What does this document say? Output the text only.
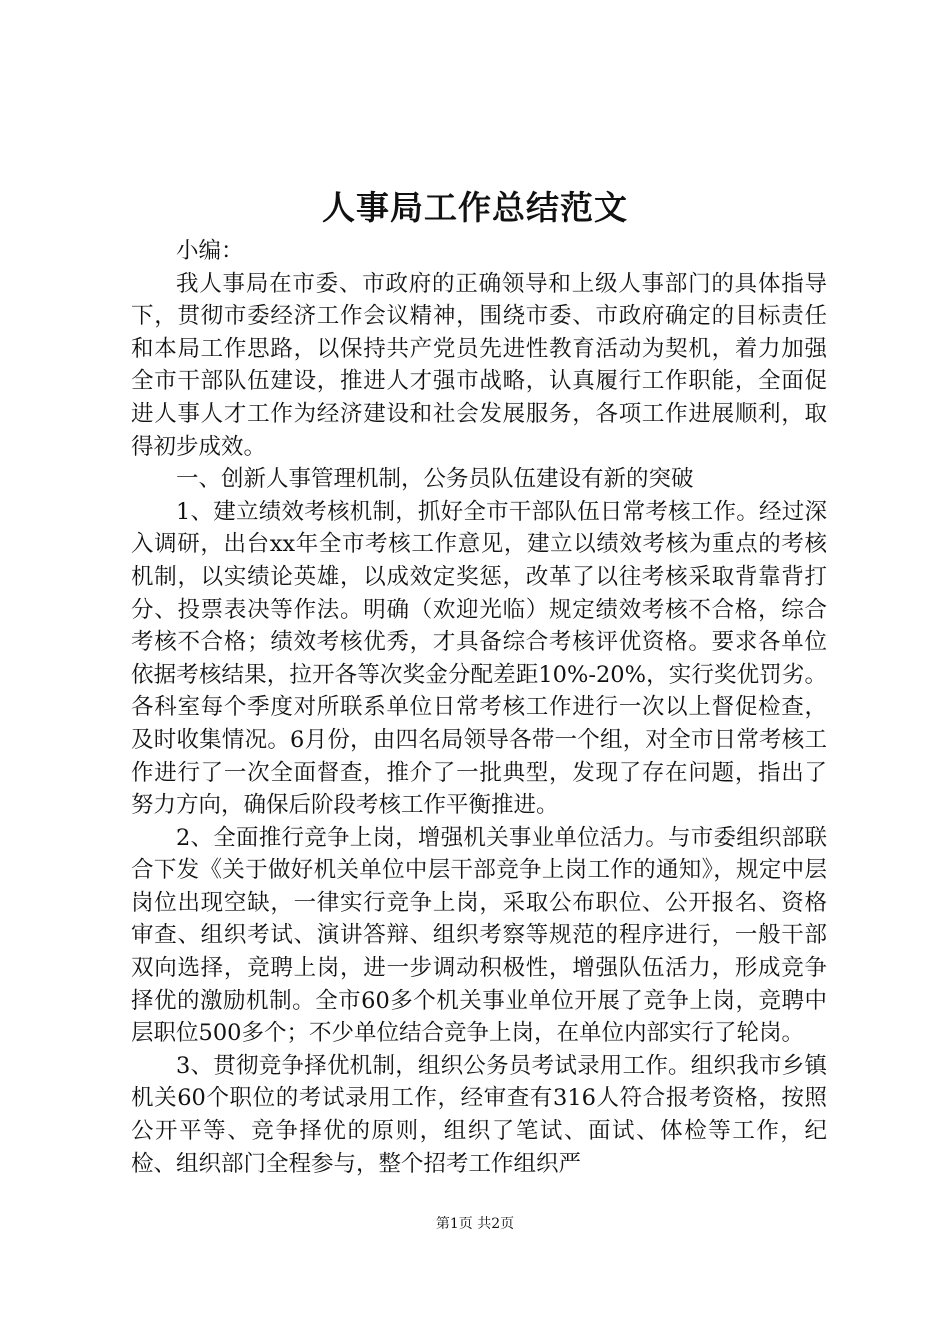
人事局工作总结范文

小编：

我人事局在市委、市政府的正确领导和上级人事部门的具体指导下，贯彻市委经济工作会议精神，围绕市委、市政府确定的目标责任和本局工作思路，以保持共产党员先进性教育活动为契机，着力加强全市干部队伍建设，推进人才强市战略，认真履行工作职能，全面促进人事人才工作为经济建设和社会发展服务，各项工作进展顺利，取得初步成效。

一、创新人事管理机制，公务员队伍建设有新的突破

1、建立绩效考核机制，抓好全市干部队伍日常考核工作。经过深入调研，出台xx年全市考核工作意见，建立以绩效考核为重点的考核机制，以实绩论英雄，以成效定奖惩，改革了以往考核采取背靠背打分、投票表决等作法。明确（欢迎光临）规定绩效考核不合格，综合考核不合格；绩效考核优秀，才具备综合考核评优资格。要求各单位依据考核结果，拉开各等次奖金分配差距10%-20%，实行奖优罚劣。各科室每个季度对所联系单位日常考核工作进行一次以上督促检查，及时收集情况。6月份，由四名局领导各带一个组，对全市日常考核工作进行了一次全面督查，推介了一批典型，发现了存在问题，指出了努力方向，确保后阶段考核工作平衡推进。

2、全面推行竞争上岗，增强机关事业单位活力。与市委组织部联合下发《关于做好机关单位中层干部竞争上岗工作的通知》，规定中层岗位出现空缺，一律实行竞争上岗，采取公布职位、公开报名、资格审查、组织考试、演讲答辩、组织考察等规范的程序进行，一般干部双向选择，竞聘上岗，进一步调动积极性，增强队伍活力，形成竞争择优的激励机制。全市60多个机关事业单位开展了竞争上岗，竞聘中层职位500多个；不少单位结合竞争上岗，在单位内部实行了轮岗。

3、贯彻竞争择优机制，组织公务员考试录用工作。组织我市乡镇机关60个职位的考试录用工作，经审查有316人符合报考资格，按照公开平等、竞争择优的原则，组织了笔试、面试、体检等工作，纪检、组织部门全程参与，整个招考工作组织严

第1页 共2页
